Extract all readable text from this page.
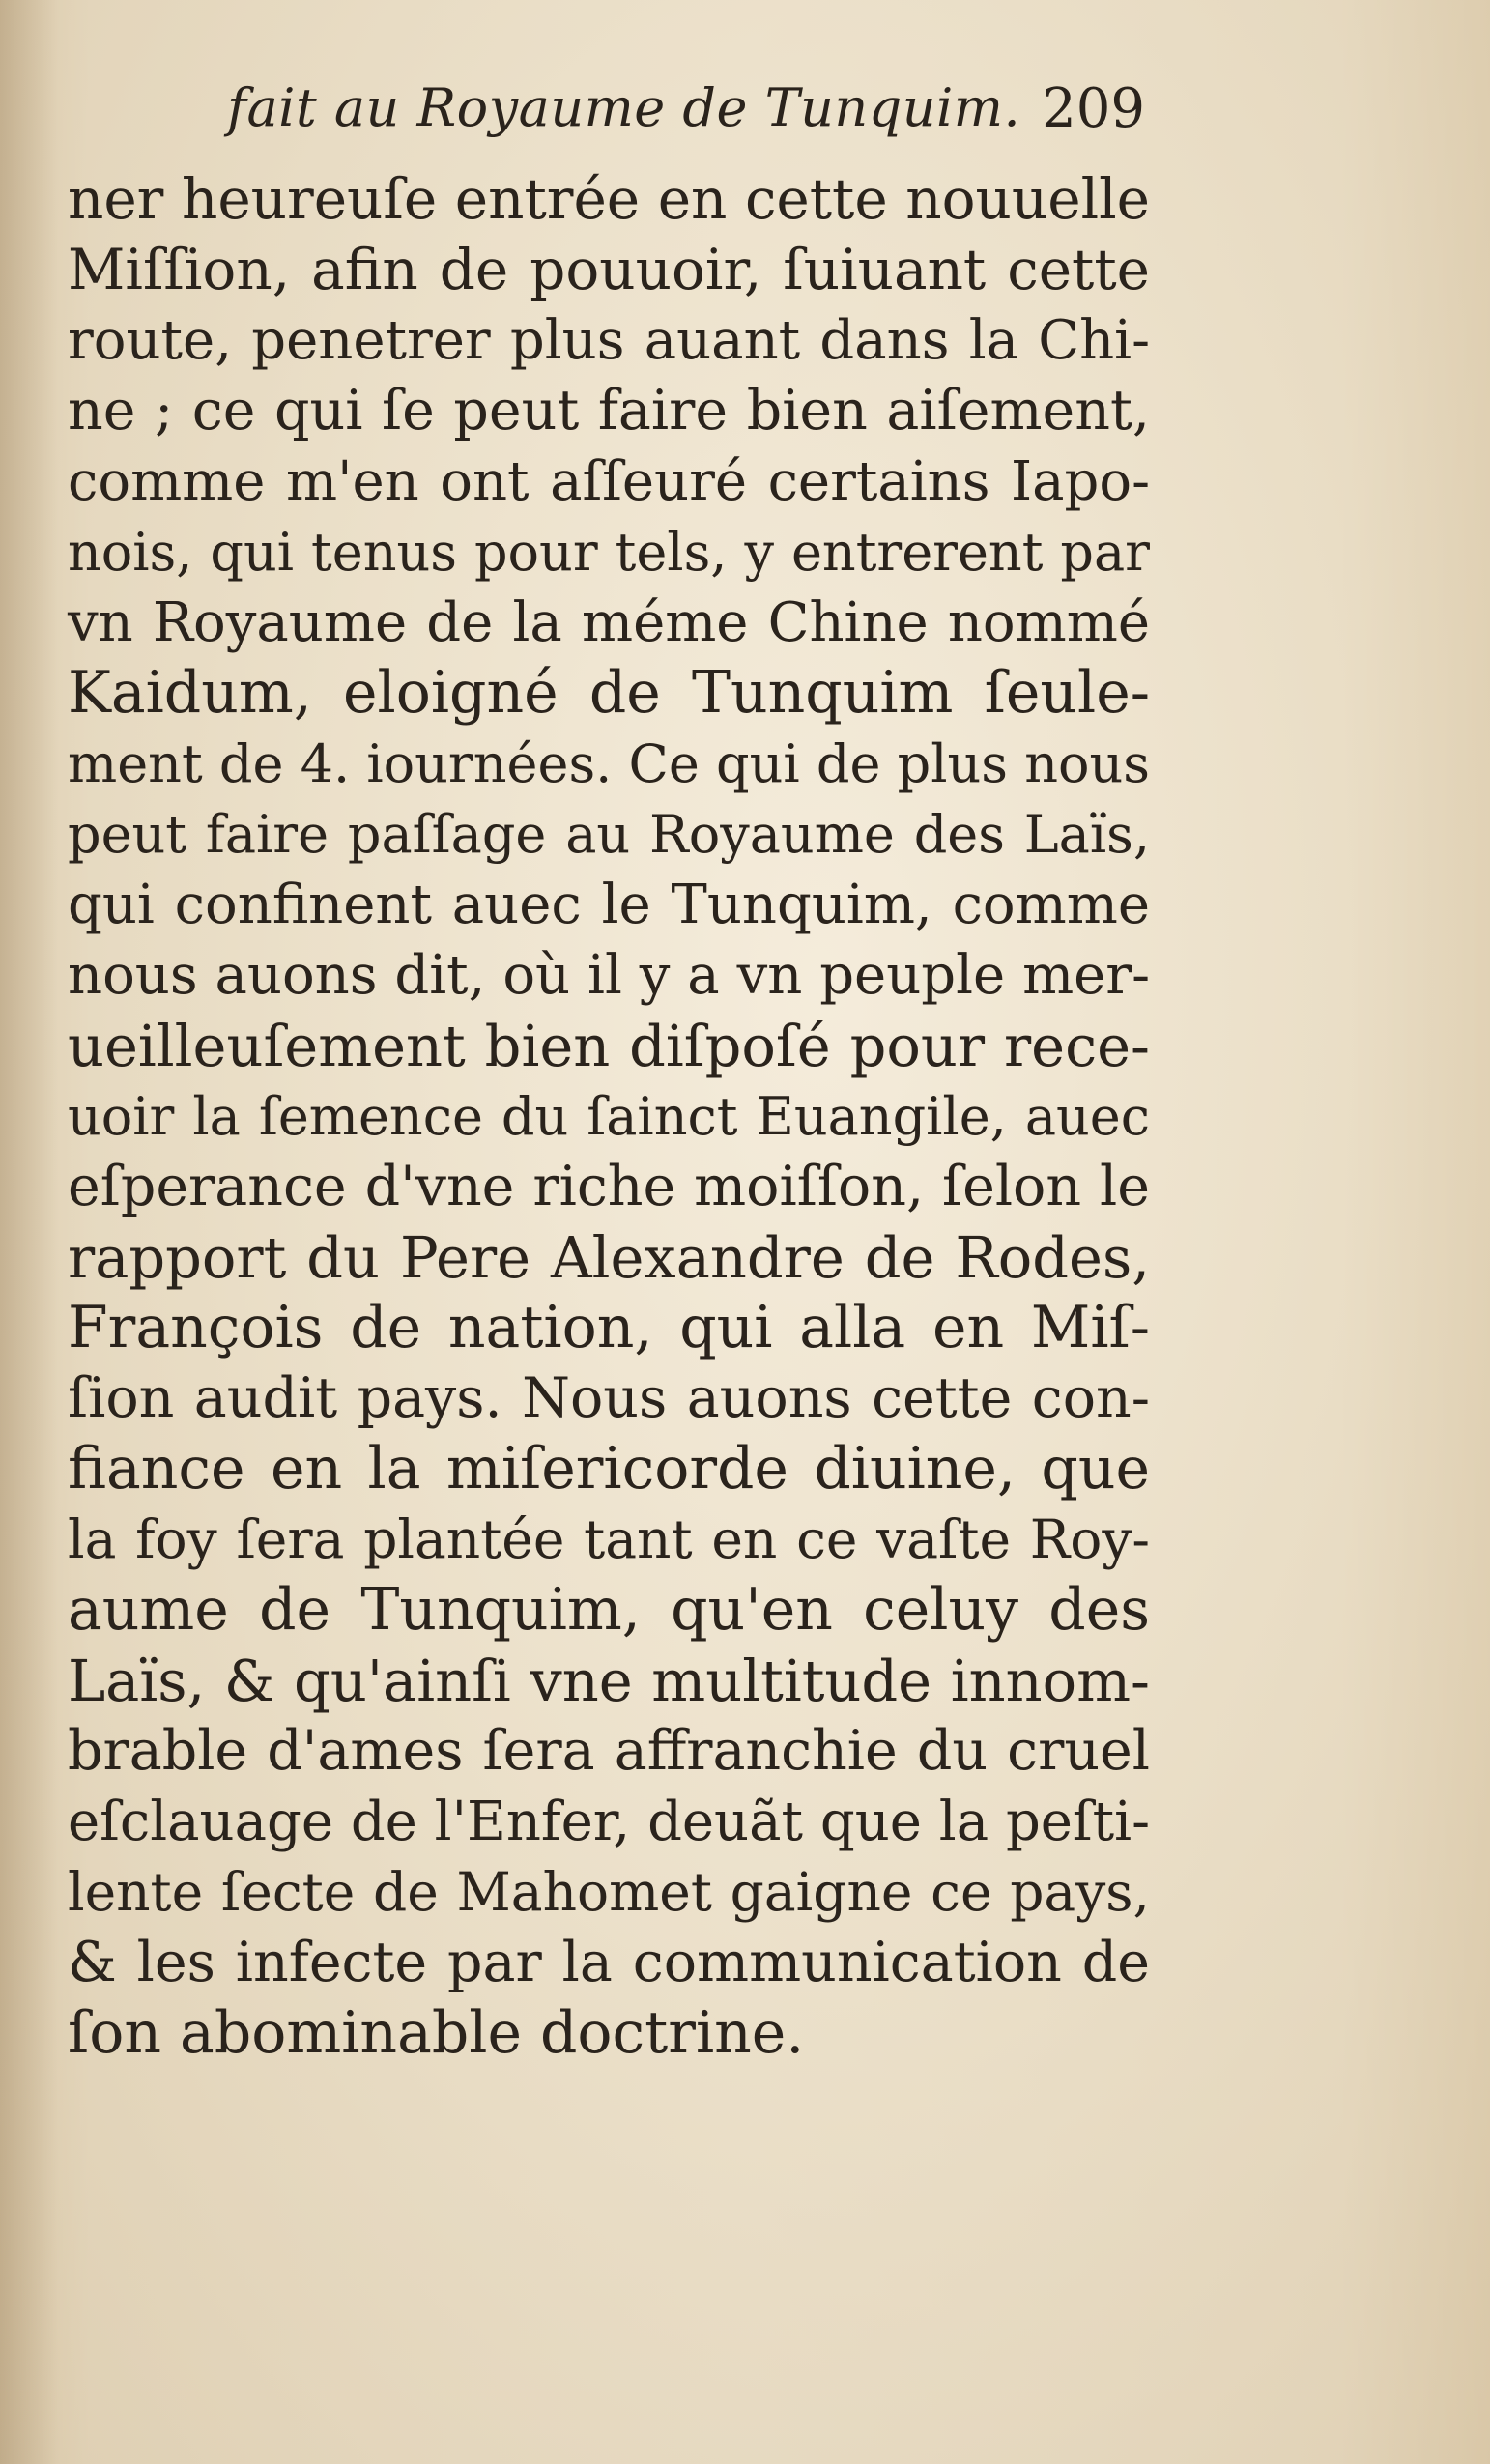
fait au Royaume de Tunquim. 209
ner heureuſe entrée en cette nouuelle
Miſſion, afin de pouuoir, ſuiuant cette
route, penetrer plus auant dans la Chi-
ne ; ce qui ſe peut faire bien aiſement,
comme m'en ont aſſeuré certains Iapo-
nois, qui tenus pour tels, y entrerent par
vn Royaume de la méme Chine nommé
Kaidum, eloigné de Tunquim ſeule-
ment de 4. iournées. Ce qui de plus nous
peut faire paſſage au Royaume des Laïs,
qui confinent auec le Tunquim, comme
nous auons dit, où il y a vn peuple mer-
ueilleuſement bien diſpoſé pour rece-
uoir la ſemence du ſainct Euangile, auec
eſperance d'vne riche moiſſon, ſelon le
rapport du Pere Alexandre de Rodes,
François de nation, qui alla en Miſ-
ſion audit pays. Nous auons cette con-
fiance en la miſericorde diuine, que
la foy ſera plantée tant en ce vaſte Roy-
aume de Tunquim, qu'en celuy des
Laïs, & qu'ainſi vne multitude innom-
brable d'ames ſera affranchie du cruel
eſclauage de l'Enfer, deuãt que la peſti-
lente ſecte de Mahomet gaigne ce pays,
& les infecte par la communication de
ſon abominable doctrine.
